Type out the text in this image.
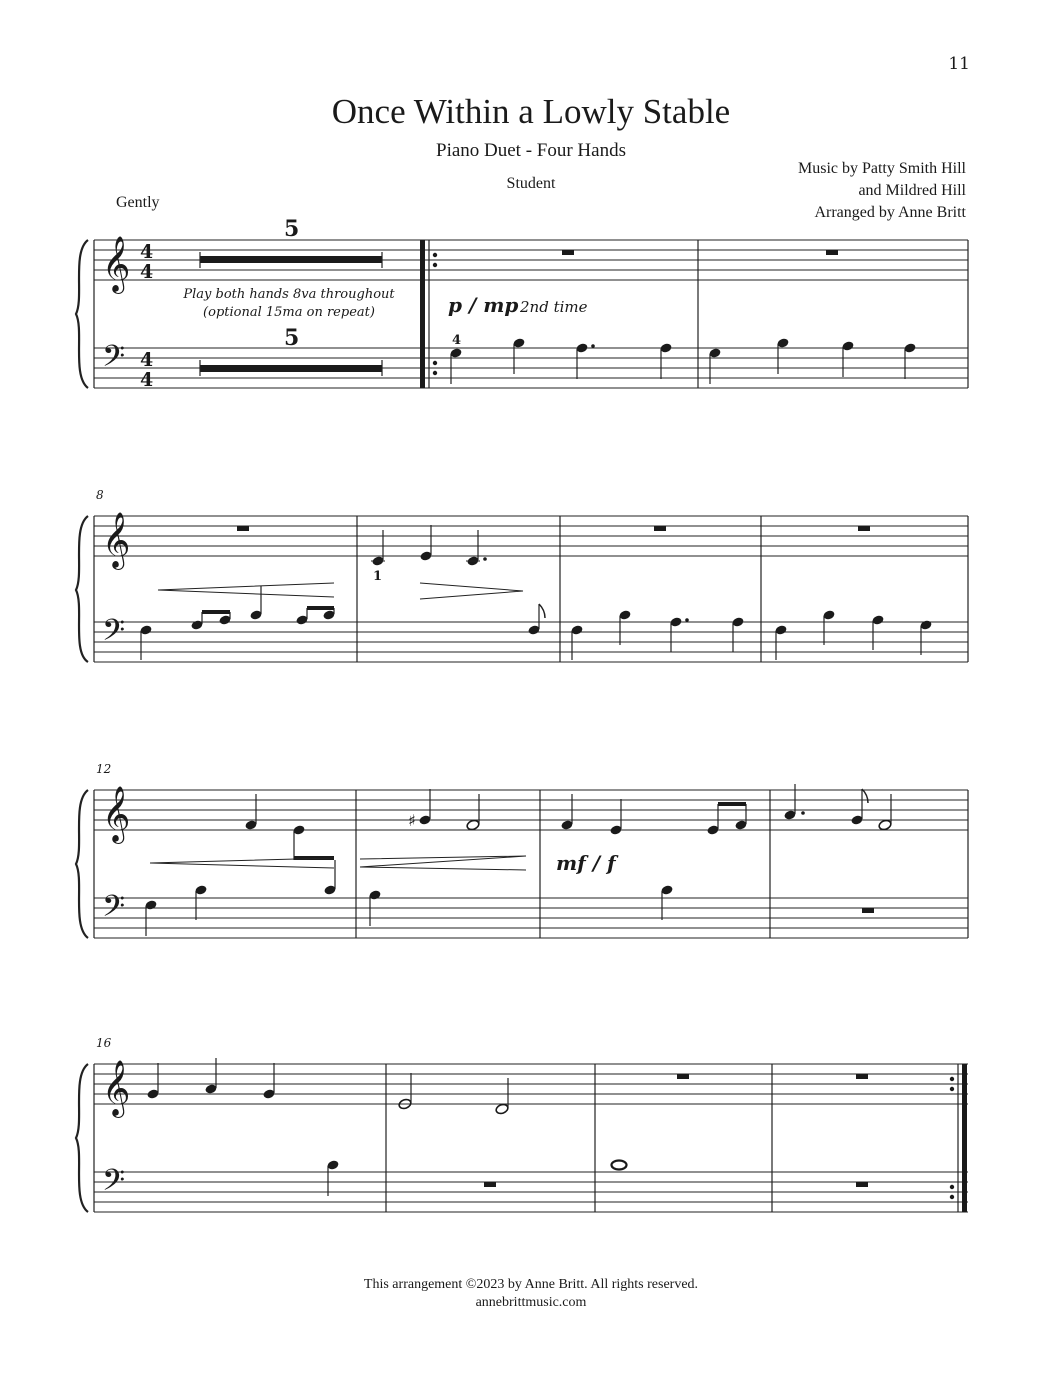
11
Once Within a Lowly Stable
Piano Duet - Four Hands
Student
Music by Patty Smith Hill
and Mildred Hill
Arranged by Anne Britt
Gently
𝄞
𝄢
4
4
4
4
5
5
Play both hands 8va throughout
(optional 15ma on repeat)	p / mp 2nd time
4
8
𝄞
𝄢
1
12
𝄞
𝄢
♯
mf / f
16
𝄞
𝄢
This arrangement ©2023 by Anne Britt. All rights reserved.
annebrittmusic.com
